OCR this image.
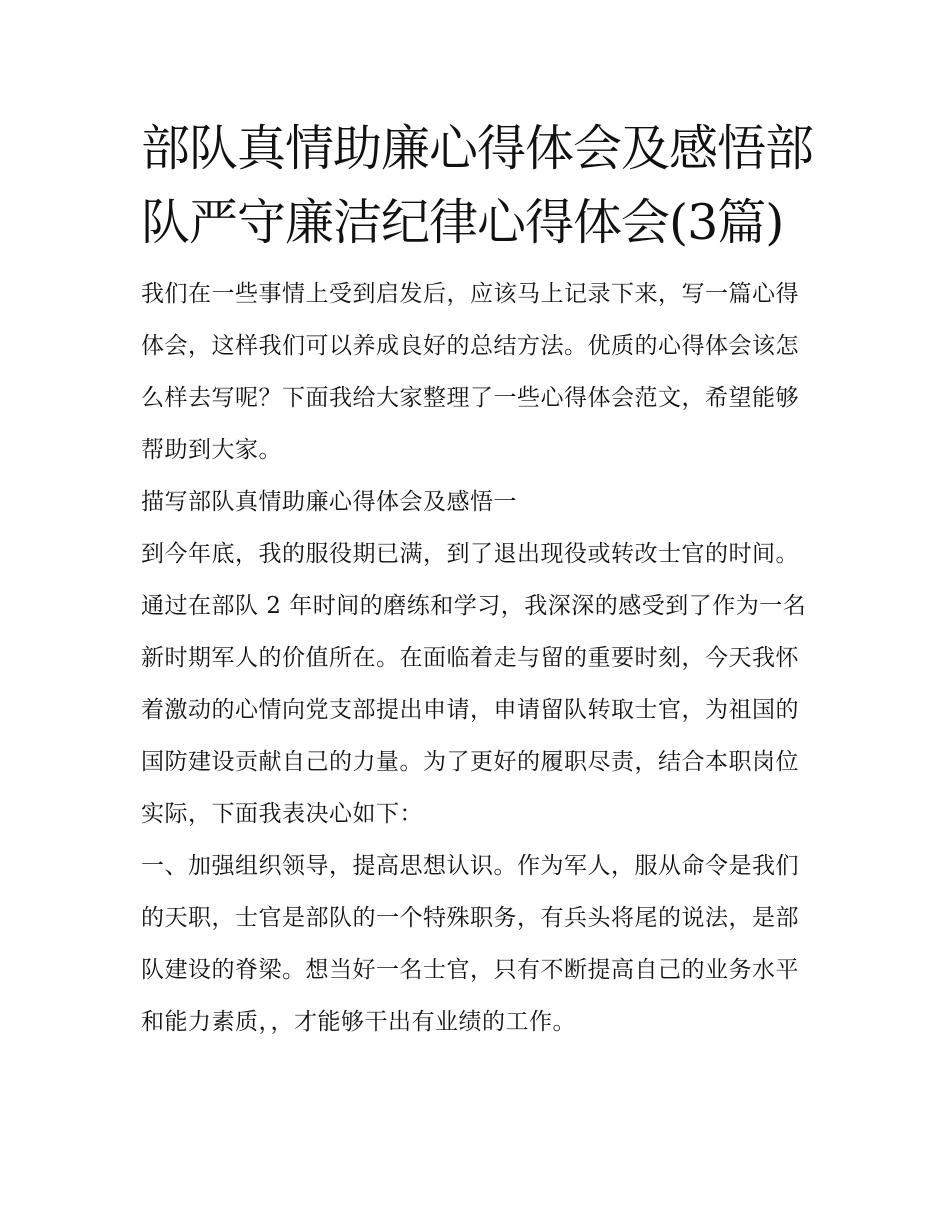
部队真情助廉心得体会及感悟部队严守廉洁纪律心得体会(3篇)

我们在一些事情上受到启发后，应该马上记录下来，写一篇心得体会，这样我们可以养成良好的总结方法。优质的心得体会该怎么样去写呢？下面我给大家整理了一些心得体会范文，希望能够帮助到大家。

描写部队真情助廉心得体会及感悟一

到今年底，我的服役期已满，到了退出现役或转改士官的时间。通过在部队 2 年时间的磨练和学习，我深深的感受到了作为一名新时期军人的价值所在。在面临着走与留的重要时刻，今天我怀着激动的心情向党支部提出申请，申请留队转取士官，为祖国的国防建设贡献自己的力量。为了更好的履职尽责，结合本职岗位实际，下面我表决心如下：

一、加强组织领导，提高思想认识。作为军人，服从命令是我们的天职，士官是部队的一个特殊职务，有兵头将尾的说法，是部队建设的脊梁。想当好一名士官，只有不断提高自己的业务水平和能力素质，，才能够干出有业绩的工作。
